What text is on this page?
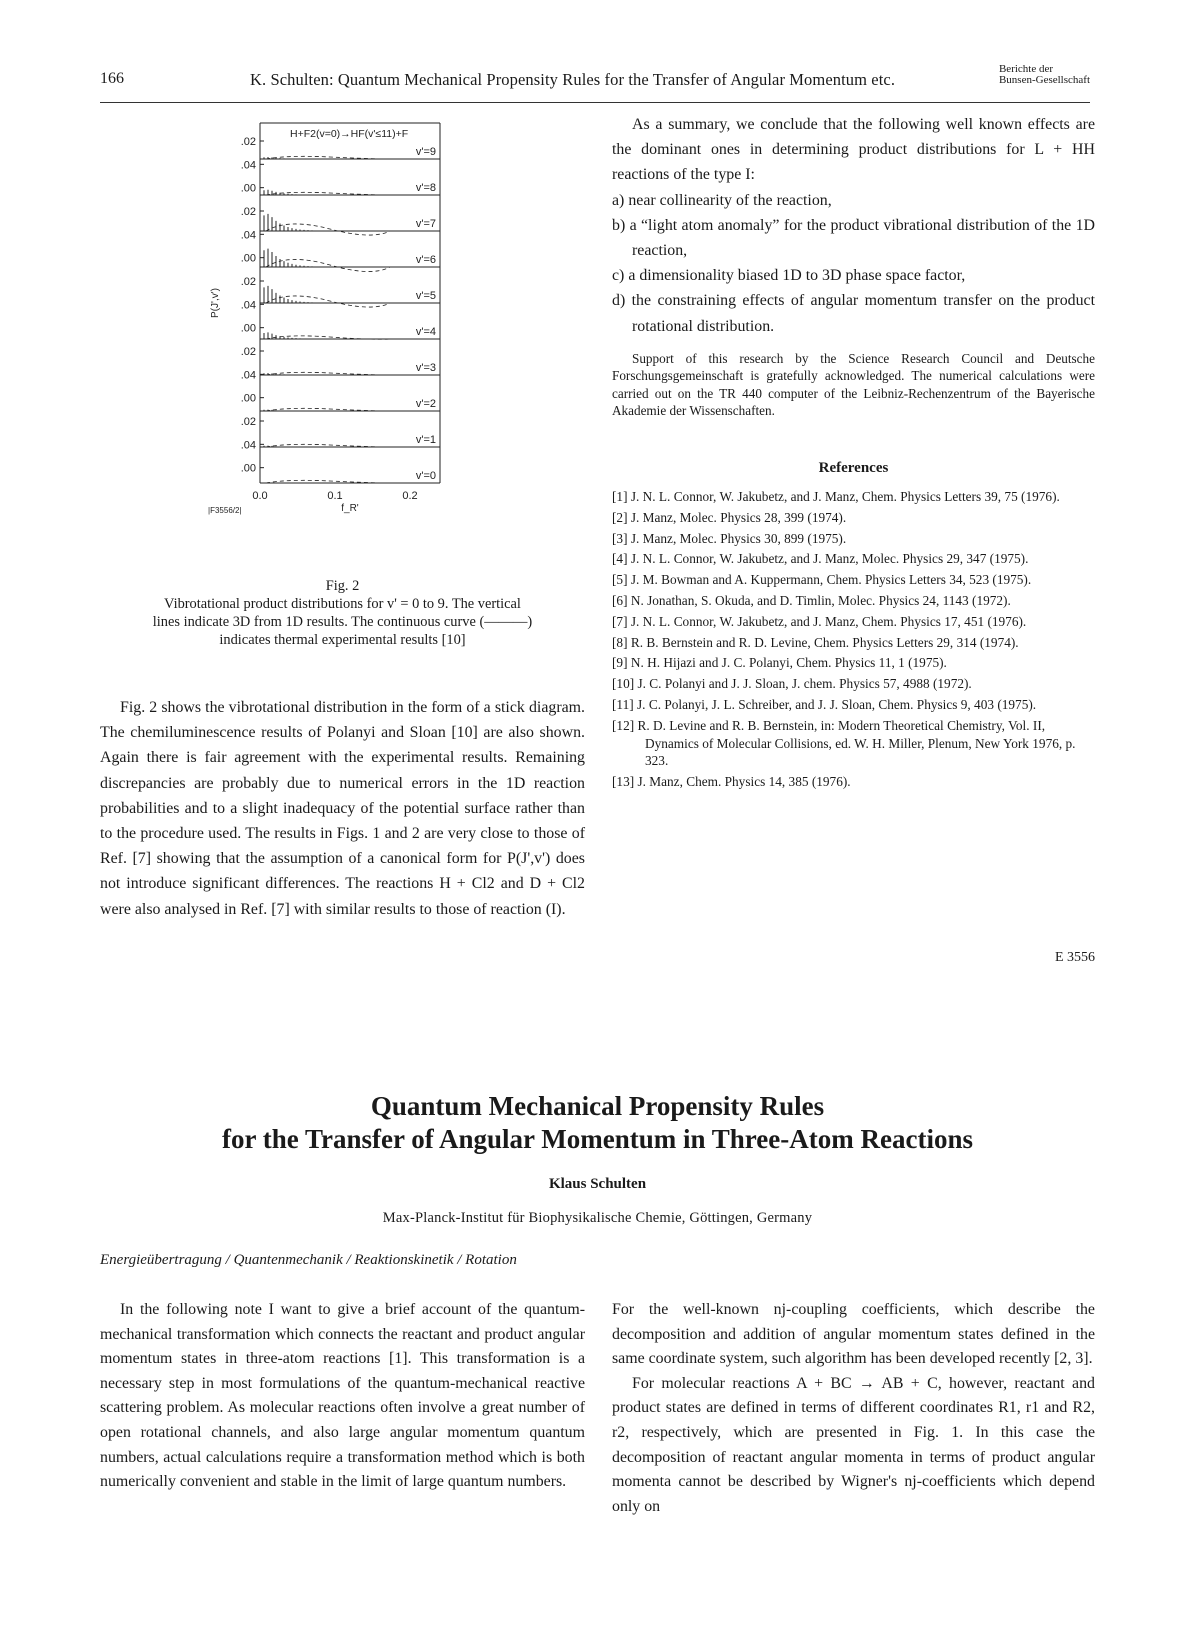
166	K. Schulten: Quantum Mechanical Propensity Rules for the Transfer of Angular Momentum etc.
Berichte der
Bunsen-Gesellschaft
v'=9
v'=8
v'=7
v'=6
v'=5
v'=4
v'=3
v'=2
v'=1
v'=0
.02
.04
.00
.02
.04
.00
.02
.04
.00
.02
.04
.00
.02
.04
.00
H+F2(v=0)→HF(v'≤11)+F
P(J',v')
0.0	0.1	0.2
f_R'
|F3556/2|
Fig. 2
Vibrotational product distributions for v' = 0 to 9. The vertical
lines indicate 3D from 1D results. The continuous curve (———)
indicates thermal experimental results [10]

Fig. 2 shows the vibrotational distribution in the form of a stick diagram. The chemiluminescence results of Polanyi and Sloan [10] are also shown. Again there is fair agreement with the experimental results. Remaining discrepancies are probably due to numerical errors in the 1D reaction probabilities and to a slight inadequacy of the potential surface rather than to the procedure used. The results in Figs. 1 and 2 are very close to those of Ref. [7] showing that the assumption of a canonical form for P(J',v') does not introduce significant differences. The reactions H + Cl2 and D + Cl2 were also analysed in Ref. [7] with similar results to those of reaction (I).

As a summary, we conclude that the following well known effects are the dominant ones in determining product distributions for L + HH reactions of the type I:

a) near collinearity of the reaction,
b) a “light atom anomaly” for the product vibrational distribution of the 1D reaction,
c) a dimensionality biased 1D to 3D phase space factor,
d) the constraining effects of angular momentum transfer on the product rotational distribution.
Support of this research by the Science Research Council and Deutsche Forschungsgemeinschaft is gratefully acknowledged. The numerical calculations were carried out on the TR 440 computer of the Leibniz-Rechenzentrum of the Bayerische Akademie der Wissenschaften.
References
[1] J. N. L. Connor, W. Jakubetz, and J. Manz, Chem. Physics Letters 39, 75 (1976).
[2] J. Manz, Molec. Physics 28, 399 (1974).
[3] J. Manz, Molec. Physics 30, 899 (1975).
[4] J. N. L. Connor, W. Jakubetz, and J. Manz, Molec. Physics 29, 347 (1975).
[5] J. M. Bowman and A. Kuppermann, Chem. Physics Letters 34, 523 (1975).
[6] N. Jonathan, S. Okuda, and D. Timlin, Molec. Physics 24, 1143 (1972).
[7] J. N. L. Connor, W. Jakubetz, and J. Manz, Chem. Physics 17, 451 (1976).
[8] R. B. Bernstein and R. D. Levine, Chem. Physics Letters 29, 314 (1974).
[9] N. H. Hijazi and J. C. Polanyi, Chem. Physics 11, 1 (1975).
[10] J. C. Polanyi and J. J. Sloan, J. chem. Physics 57, 4988 (1972).
[11] J. C. Polanyi, J. L. Schreiber, and J. J. Sloan, Chem. Physics 9, 403 (1975).
[12] R. D. Levine and R. B. Bernstein, in: Modern Theoretical Chemistry, Vol. II, Dynamics of Molecular Collisions, ed. W. H. Miller, Plenum, New York 1976, p. 323.
[13] J. Manz, Chem. Physics 14, 385 (1976).
E 3556
Quantum Mechanical Propensity Rules
for the Transfer of Angular Momentum in Three-Atom Reactions
Klaus Schulten
Max-Planck-Institut für Biophysikalische Chemie, Göttingen, Germany
Energieübertragung / Quantenmechanik / Reaktionskinetik / Rotation

In the following note I want to give a brief account of the quantum-mechanical transformation which connects the reactant and product angular momentum states in three-atom reactions [1]. This transformation is a necessary step in most formulations of the quantum-mechanical reactive scattering problem. As molecular reactions often involve a great number of open rotational channels, and also large angular momentum quantum numbers, actual calculations require a transformation method which is both numerically convenient and stable in the limit of large quantum numbers.

For the well-known nj-coupling coefficients, which describe the decomposition and addition of angular momentum states defined in the same coordinate system, such algorithm has been developed recently [2, 3].

For molecular reactions A + BC → AB + C, however, reactant and product states are defined in terms of different coordinates R1, r1 and R2, r2, respectively, which are presented in Fig. 1. In this case the decomposition of reactant angular momenta in terms of product angular momenta cannot be described by Wigner's nj-coefficients which depend only on
